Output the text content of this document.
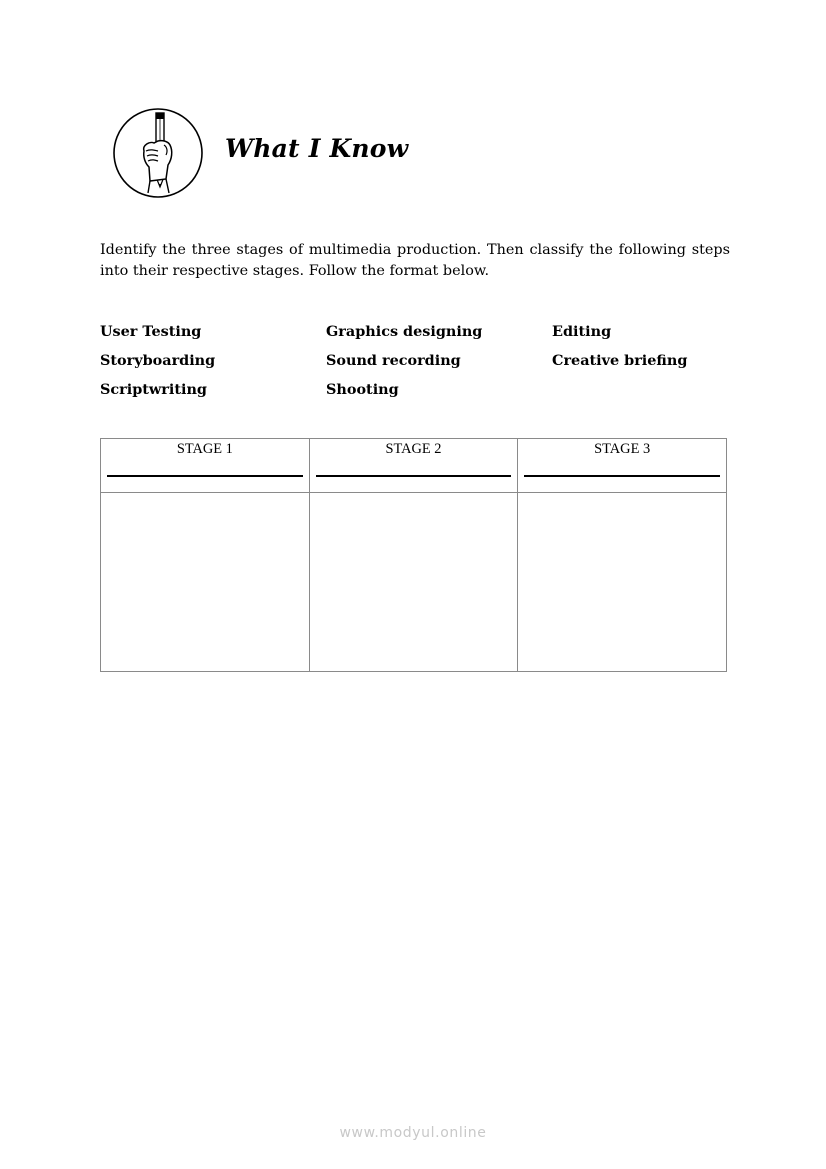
What I Know
Identify the three stages of multimedia production. Then classify the following steps into their respective stages. Follow the format below.
User Testing	Graphics designing	Editing
Storyboarding	Sound recording	Creative briefing
Scriptwriting	Shooting
STAGE 1	STAGE 2	STAGE 3

www.modyul.online
